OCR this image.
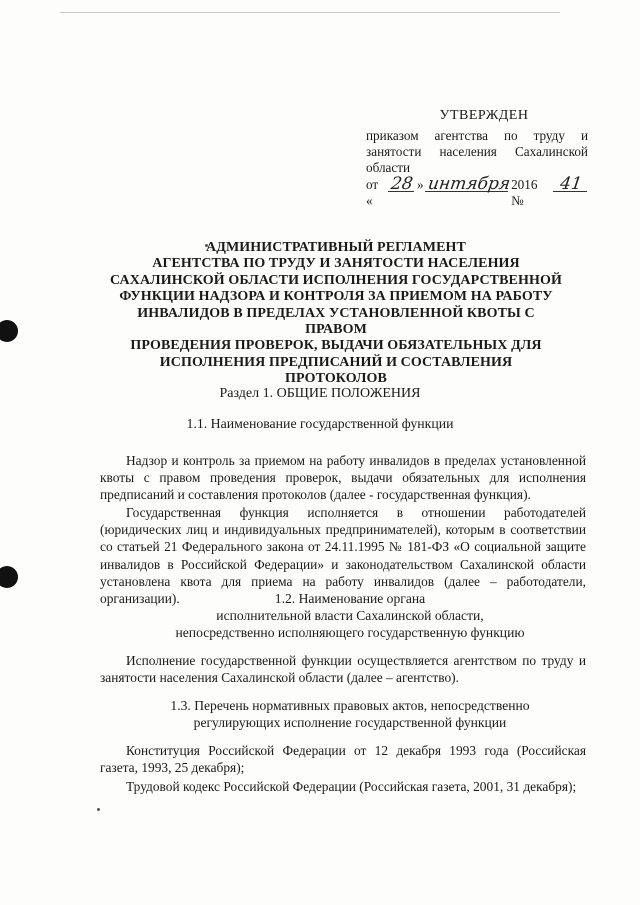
УТВЕРЖДЕН
приказом агентства по труду и
занятости населения Сахалинской
области
от «
28 » интября 2016 №
41
АДМИНИСТРАТИВНЫЙ РЕГЛАМЕНТ
АГЕНТСТВА ПО ТРУДУ И ЗАНЯТОСТИ НАСЕЛЕНИЯ
САХАЛИНСКОЙ ОБЛАСТИ ИСПОЛНЕНИЯ ГОСУДАРСТВЕННОЙ
ФУНКЦИИ НАДЗОРА И КОНТРОЛЯ ЗА ПРИЕМОМ НА РАБОТУ
ИНВАЛИДОВ В ПРЕДЕЛАХ УСТАНОВЛЕННОЙ КВОТЫ С ПРАВОМ
ПРОВЕДЕНИЯ ПРОВЕРОК, ВЫДАЧИ ОБЯЗАТЕЛЬНЫХ ДЛЯ
ИСПОЛНЕНИЯ ПРЕДПИСАНИЙ И СОСТАВЛЕНИЯ ПРОТОКОЛОВ
Раздел 1. ОБЩИЕ ПОЛОЖЕНИЯ
1.1. Наименование государственной функции
Надзор и контроль за приемом на работу инвалидов в пределах установленной квоты с правом проведения проверок, выдачи обязательных для исполнения предписаний и составления протоколов (далее - государственная функция).
Государственная функция исполняется в отношении работодателей (юридических лиц и индивидуальных предпринимателей), которым в соответствии со статьей 21 Федерального закона от 24.11.1995 № 181-ФЗ «О социальной защите инвалидов в Российской Федерации» и законодательством Сахалинской области установлена квота для приема на работу инвалидов (далее – работодатели, организации).	1.2. Наименование органа
исполнительной власти Сахалинской области,
непосредственно исполняющего государственную функцию
Исполнение государственной функции осуществляется агентством по труду и занятости населения Сахалинской области (далее – агентство).
1.3. Перечень нормативных правовых актов, непосредственно
регулирующих исполнение государственной функции
Конституция Российской Федерации от 12 декабря 1993 года (Российская газета, 1993, 25 декабря);
Трудовой кодекс Российской Федерации (Российская газета, 2001, 31 декабря);
